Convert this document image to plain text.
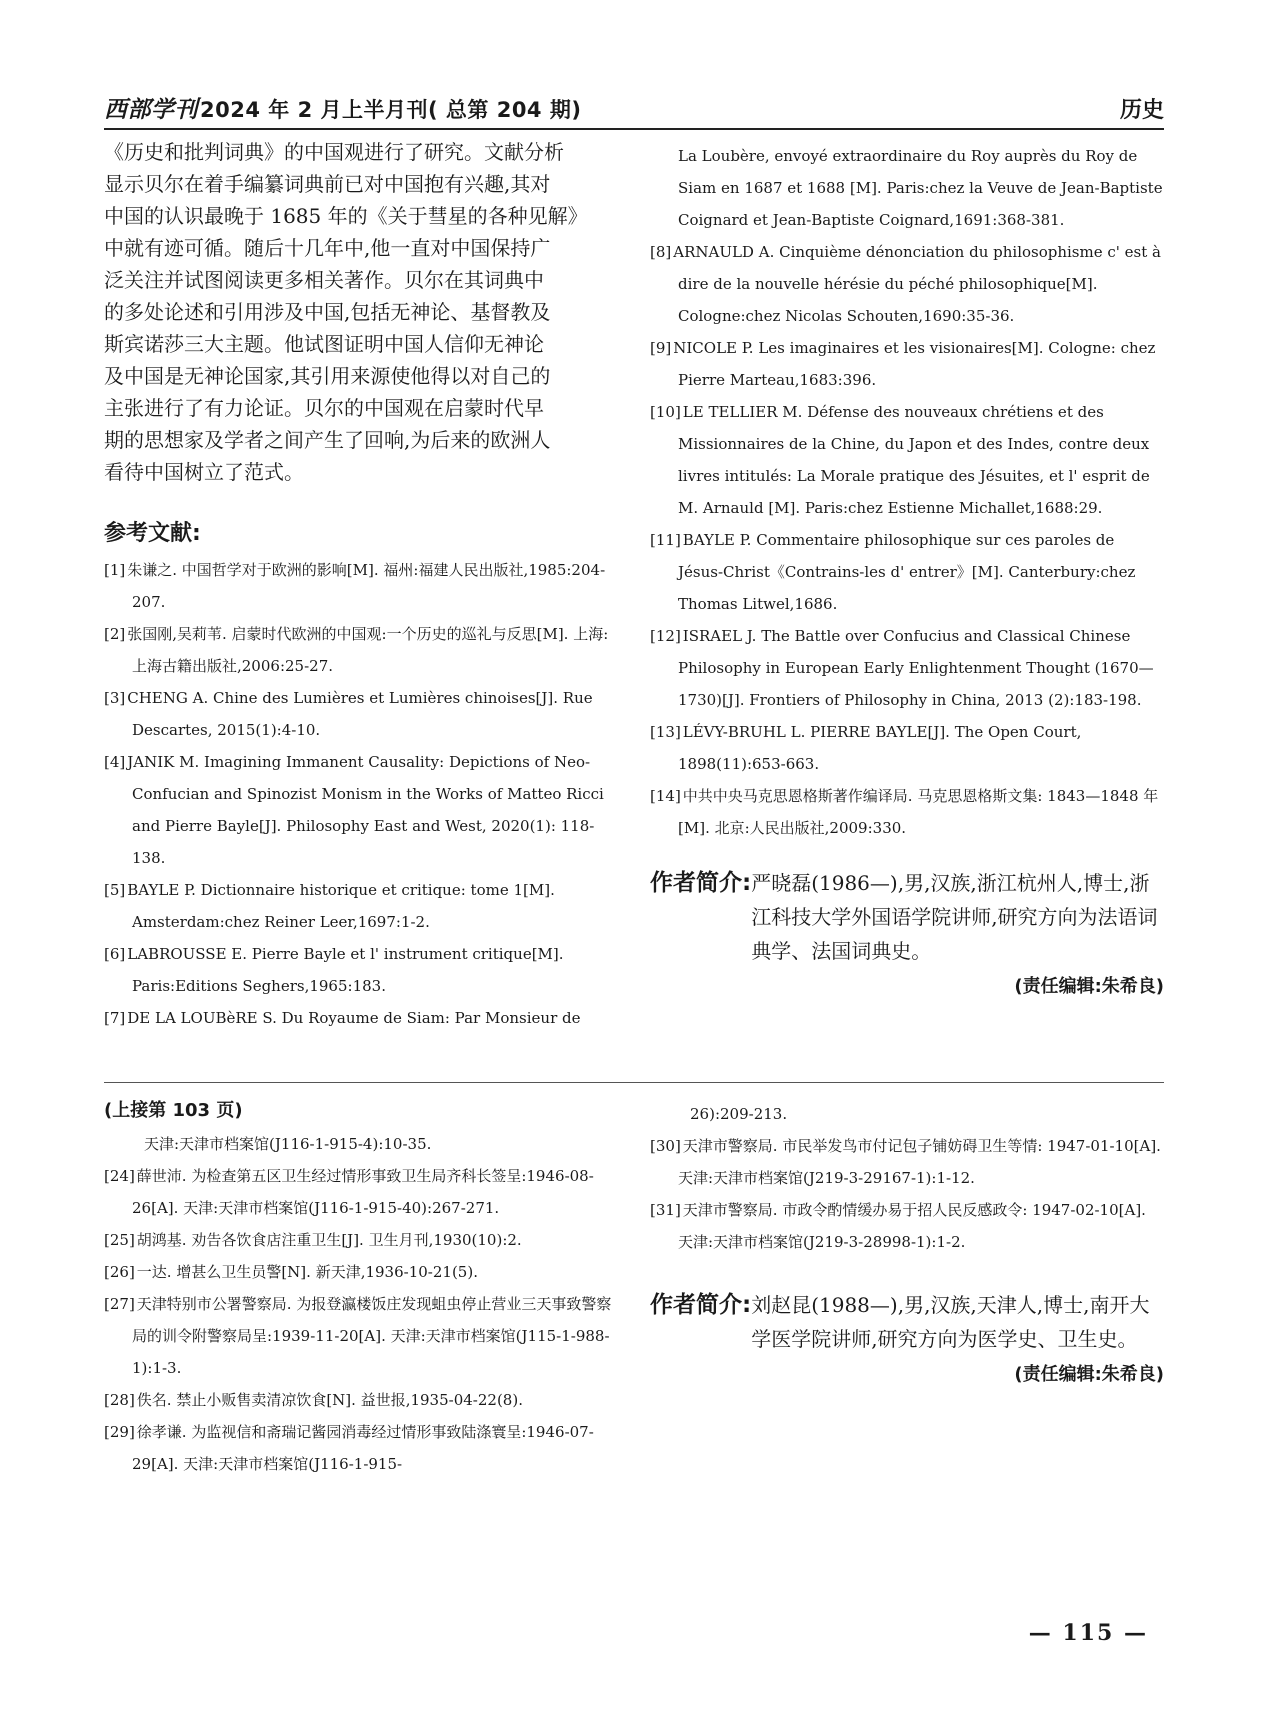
西部学刊2024 年 2 月上半月刊( 总第 204 期)	历史

《历史和批判词典》的中国观进行了研究。文献分析
显示贝尔在着手编纂词典前已对中国抱有兴趣,其对
中国的认识最晚于 1685 年的《关于彗星的各种见解》
中就有迹可循。随后十几年中,他一直对中国保持广
泛关注并试图阅读更多相关著作。贝尔在其词典中
的多处论述和引用涉及中国,包括无神论、基督教及
斯宾诺莎三大主题。他试图证明中国人信仰无神论
及中国是无神论国家,其引用来源使他得以对自己的
主张进行了有力论证。贝尔的中国观在启蒙时代早
期的思想家及学者之间产生了回响,为后来的欧洲人
看待中国树立了范式。

参考文献:
[1] 朱谦之. 中国哲学对于欧洲的影响[M]. 福州:福建人民出版社,1985:204-207.
[2] 张国刚,吴莉苇. 启蒙时代欧洲的中国观:一个历史的巡礼与反思[M]. 上海:上海古籍出版社,2006:25-27.
[3] CHENG A. Chine des Lumières et Lumières chinoises[J]. Rue Descartes, 2015(1):4-10.
[4] JANIK M. Imagining Immanent Causality: Depictions of Neo-Confucian and Spinozist Monism in the Works of Matteo Ricci and Pierre Bayle[J]. Philosophy East and West, 2020(1): 118-138.
[5] BAYLE P. Dictionnaire historique et critique: tome 1[M]. Amsterdam:chez Reiner Leer,1697:1-2.
[6] LABROUSSE E. Pierre Bayle et l' instrument critique[M]. Paris:Editions Seghers,1965:183.
[7] DE LA LOUBèRE S. Du Royaume de Siam: Par Monsieur de
La Loubère, envoyé extraordinaire du Roy auprès du Roy de Siam en 1687 et 1688 [M]. Paris:chez la Veuve de Jean-Baptiste Coignard et Jean-Baptiste Coignard,1691:368-381.
[8] ARNAULD A. Cinquième dénonciation du philosophisme c' est à dire de la nouvelle hérésie du péché philosophique[M]. Cologne:chez Nicolas Schouten,1690:35-36.
[9] NICOLE P. Les imaginaires et les visionaires[M]. Cologne: chez Pierre Marteau,1683:396.
[10] LE TELLIER M. Défense des nouveaux chrétiens et des Missionnaires de la Chine, du Japon et des Indes, contre deux livres intitulés: La Morale pratique des Jésuites, et l' esprit de M. Arnauld [M]. Paris:chez Estienne Michallet,1688:29.
[11] BAYLE P. Commentaire philosophique sur ces paroles de Jésus-Christ《Contrains-les d' entrer》[M]. Canterbury:chez Thomas Litwel,1686.
[12] ISRAEL J. The Battle over Confucius and Classical Chinese Philosophy in European Early Enlightenment Thought (1670—1730)[J]. Frontiers of Philosophy in China, 2013 (2):183-198.
[13] LÉVY-BRUHL L. PIERRE BAYLE[J]. The Open Court, 1898(11):653-663.
[14] 中共中央马克思恩格斯著作编译局. 马克思恩格斯文集: 1843—1848 年[M]. 北京:人民出版社,2009:330.
作者简介: 严晓磊(1986—),男,汉族,浙江杭州人,博士,浙江科技大学外国语学院讲师,研究方向为法语词典学、法国词典史。
(责任编辑:朱希良)
(上接第 103 页)
天津:天津市档案馆(J116-1-915-4):10-35.
[24] 薛世沛. 为检查第五区卫生经过情形事致卫生局齐科长签呈:1946-08-26[A]. 天津:天津市档案馆(J116-1-915-40):267-271.
[25] 胡鸿基. 劝告各饮食店注重卫生[J]. 卫生月刊,1930(10):2.
[26] 一达. 增甚么卫生员警[N]. 新天津,1936-10-21(5).
[27] 天津特别市公署警察局. 为报登瀛楼饭庄发现蛆虫停止营业三天事致警察局的训令附警察局呈:1939-11-20[A]. 天津:天津市档案馆(J115-1-988-1):1-3.
[28] 佚名. 禁止小贩售卖清凉饮食[N]. 益世报,1935-04-22(8).
[29] 徐孝谦. 为监视信和斋瑞记酱园消毒经过情形事致陆涤寰呈:1946-07-29[A]. 天津:天津市档案馆(J116-1-915-
26):209-213.
[30] 天津市警察局. 市民举发鸟市付记包子铺妨碍卫生等情: 1947-01-10[A]. 天津:天津市档案馆(J219-3-29167-1):1-12.
[31] 天津市警察局. 市政令酌情缓办易于招人民反感政令: 1947-02-10[A]. 天津:天津市档案馆(J219-3-28998-1):1-2.
作者简介: 刘赵昆(1988—),男,汉族,天津人,博士,南开大学医学院讲师,研究方向为医学史、卫生史。
(责任编辑:朱希良)
— 115 —
